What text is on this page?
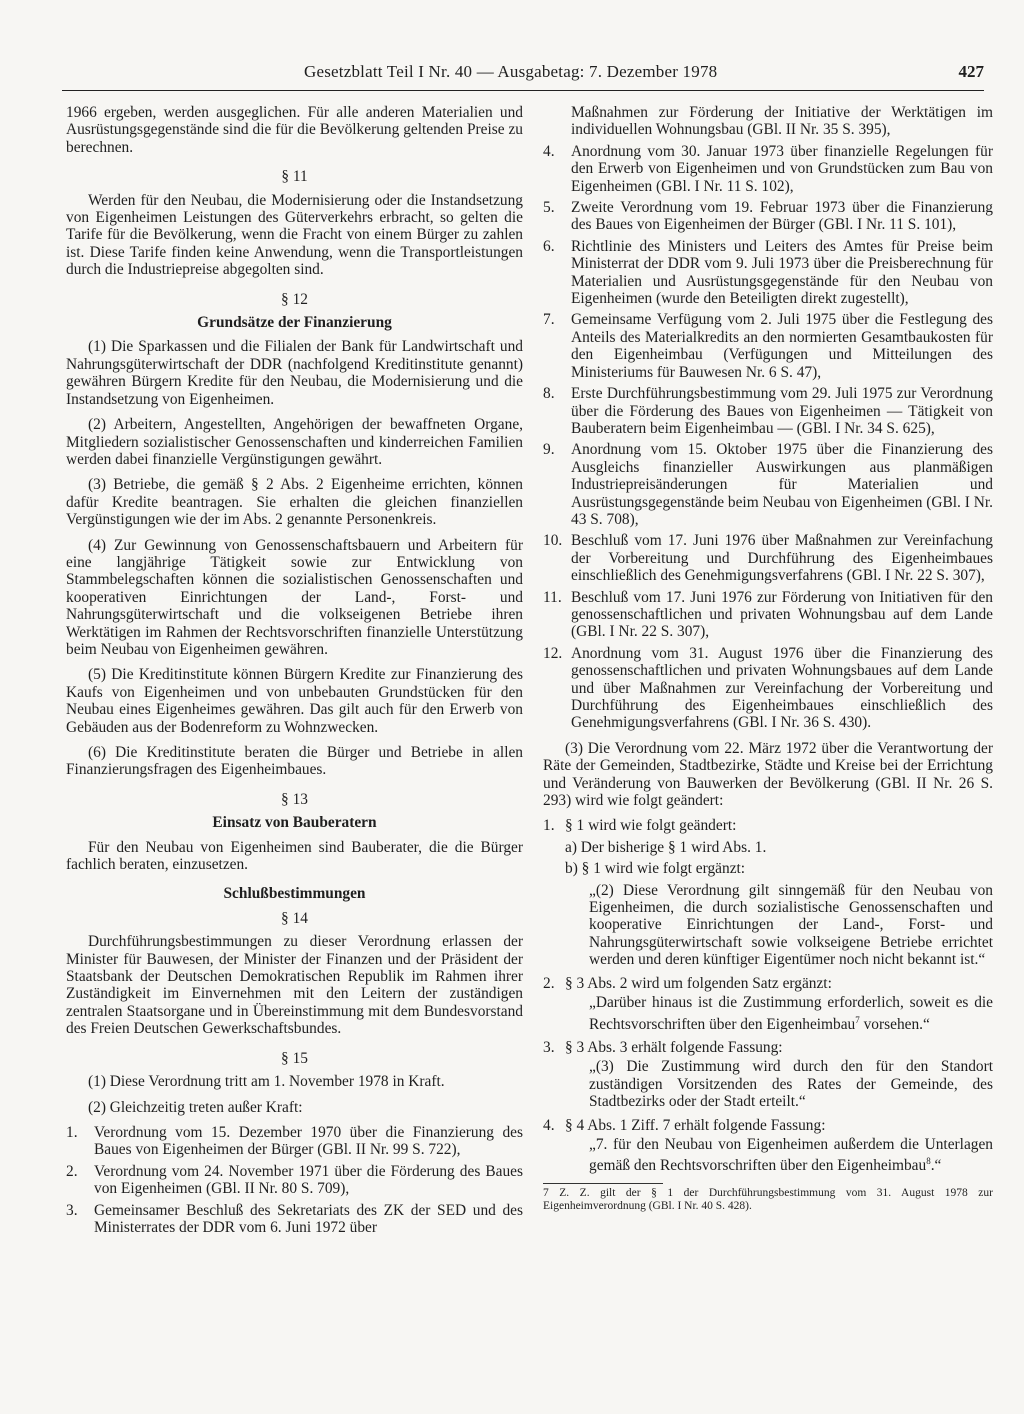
Gesetzblatt Teil I Nr. 40 — Ausgabetag: 7. Dezember 1978	427

1966 ergeben, werden ausgeglichen. Für alle anderen Materialien und Ausrüstungsgegenstände sind die für die Bevölkerung geltenden Preise zu berechnen.

§ 11

Werden für den Neubau, die Modernisierung oder die Instandsetzung von Eigenheimen Leistungen des Güterverkehrs erbracht, so gelten die Tarife für die Bevölkerung, wenn die Fracht von einem Bürger zu zahlen ist. Diese Tarife finden keine Anwendung, wenn die Transportleistungen durch die Industriepreise abgegolten sind.

§ 12
Grundsätze der Finanzierung

(1) Die Sparkassen und die Filialen der Bank für Landwirtschaft und Nahrungsgüterwirtschaft der DDR (nachfolgend Kreditinstitute genannt) gewähren Bürgern Kredite für den Neubau, die Modernisierung und die Instandsetzung von Eigenheimen.

(2) Arbeitern, Angestellten, Angehörigen der bewaffneten Organe, Mitgliedern sozialistischer Genossenschaften und kinderreichen Familien werden dabei finanzielle Vergünstigungen gewährt.

(3) Betriebe, die gemäß § 2 Abs. 2 Eigenheime errichten, können dafür Kredite beantragen. Sie erhalten die gleichen finanziellen Vergünstigungen wie der im Abs. 2 genannte Personenkreis.

(4) Zur Gewinnung von Genossenschaftsbauern und Arbeitern für eine langjährige Tätigkeit sowie zur Entwicklung von Stammbelegschaften können die sozialistischen Genossenschaften und kooperativen Einrichtungen der Land-, Forst- und Nahrungsgüterwirtschaft und die volkseigenen Betriebe ihren Werktätigen im Rahmen der Rechtsvorschriften finanzielle Unterstützung beim Neubau von Eigenheimen gewähren.

(5) Die Kreditinstitute können Bürgern Kredite zur Finanzierung des Kaufs von Eigenheimen und von unbebauten Grundstücken für den Neubau eines Eigenheimes gewähren. Das gilt auch für den Erwerb von Gebäuden aus der Bodenreform zu Wohnzwecken.

(6) Die Kreditinstitute beraten die Bürger und Betriebe in allen Finanzierungsfragen des Eigenheimbaues.

§ 13
Einsatz von Bauberatern

Für den Neubau von Eigenheimen sind Bauberater, die die Bürger fachlich beraten, einzusetzen.

Schlußbestimmungen
§ 14

Durchführungsbestimmungen zu dieser Verordnung erlassen der Minister für Bauwesen, der Minister der Finanzen und der Präsident der Staatsbank der Deutschen Demokratischen Republik im Rahmen ihrer Zuständigkeit im Einvernehmen mit den Leitern der zuständigen zentralen Staatsorgane und in Übereinstimmung mit dem Bundesvorstand des Freien Deutschen Gewerkschaftsbundes.

§ 15

(1) Diese Verordnung tritt am 1. November 1978 in Kraft.

(2) Gleichzeitig treten außer Kraft:

1. Verordnung vom 15. Dezember 1970 über die Finanzierung des Baues von Eigenheimen der Bürger (GBl. II Nr. 99 S. 722),
2. Verordnung vom 24. November 1971 über die Förderung des Baues von Eigenheimen (GBl. II Nr. 80 S. 709),
3. Gemeinsamer Beschluß des Sekretariats des ZK der SED und des Ministerrates der DDR vom 6. Juni 1972 über
Maßnahmen zur Förderung der Initiative der Werktätigen im individuellen Wohnungsbau (GBl. II Nr. 35 S. 395),
4. Anordnung vom 30. Januar 1973 über finanzielle Regelungen für den Erwerb von Eigenheimen und von Grundstücken zum Bau von Eigenheimen (GBl. I Nr. 11 S. 102),
5. Zweite Verordnung vom 19. Februar 1973 über die Finanzierung des Baues von Eigenheimen der Bürger (GBl. I Nr. 11 S. 101),
6. Richtlinie des Ministers und Leiters des Amtes für Preise beim Ministerrat der DDR vom 9. Juli 1973 über die Preisberechnung für Materialien und Ausrüstungsgegenstände für den Neubau von Eigenheimen (wurde den Beteiligten direkt zugestellt),
7. Gemeinsame Verfügung vom 2. Juli 1975 über die Festlegung des Anteils des Materialkredits an den normierten Gesamtbaukosten für den Eigenheimbau (Verfügungen und Mitteilungen des Ministeriums für Bauwesen Nr. 6 S. 47),
8. Erste Durchführungsbestimmung vom 29. Juli 1975 zur Verordnung über die Förderung des Baues von Eigenheimen — Tätigkeit von Bauberatern beim Eigenheimbau — (GBl. I Nr. 34 S. 625),
9. Anordnung vom 15. Oktober 1975 über die Finanzierung des Ausgleichs finanzieller Auswirkungen aus planmäßigen Industriepreisänderungen für Materialien und Ausrüstungsgegenstände beim Neubau von Eigenheimen (GBl. I Nr. 43 S. 708),
10. Beschluß vom 17. Juni 1976 über Maßnahmen zur Vereinfachung der Vorbereitung und Durchführung des Eigenheimbaues einschließlich des Genehmigungsverfahrens (GBl. I Nr. 22 S. 307),
11. Beschluß vom 17. Juni 1976 zur Förderung von Initiativen für den genossenschaftlichen und privaten Wohnungsbau auf dem Lande (GBl. I Nr. 22 S. 307),
12. Anordnung vom 31. August 1976 über die Finanzierung des genossenschaftlichen und privaten Wohnungsbaues auf dem Lande und über Maßnahmen zur Vereinfachung der Vorbereitung und Durchführung des Eigenheimbaues einschließlich des Genehmigungsverfahrens (GBl. I Nr. 36 S. 430).

(3) Die Verordnung vom 22. März 1972 über die Verantwortung der Räte der Gemeinden, Stadtbezirke, Städte und Kreise bei der Errichtung und Veränderung von Bauwerken der Bevölkerung (GBl. II Nr. 26 S. 293) wird wie folgt geändert:

1. § 1 wird wie folgt geändert:
a) Der bisherige § 1 wird Abs. 1.
b) § 1 wird wie folgt ergänzt:
„(2) Diese Verordnung gilt sinngemäß für den Neubau von Eigenheimen, die durch sozialistische Genossenschaften und kooperative Einrichtungen der Land-, Forst- und Nahrungsgüterwirtschaft sowie volkseigene Betriebe errichtet werden und deren künftiger Eigentümer noch nicht bekannt ist.“
2. § 3 Abs. 2 wird um folgenden Satz ergänzt:
„Darüber hinaus ist die Zustimmung erforderlich, soweit es die Rechtsvorschriften über den Eigenheimbau$^7$ vorsehen.“
3. § 3 Abs. 3 erhält folgende Fassung:
„(3) Die Zustimmung wird durch den für den Standort zuständigen Vorsitzenden des Rates der Gemeinde, des Stadtbezirks oder der Stadt erteilt.“
4. § 4 Abs. 1 Ziff. 7 erhält folgende Fassung:
„7. für den Neubau von Eigenheimen außerdem die Unterlagen gemäß den Rechtsvorschriften über den Eigenheimbau$^8$.“
7 Z. Z. gilt der § 1 der Durchführungsbestimmung vom 31. August 1978 zur Eigenheimverordnung (GBl. I Nr. 40 S. 428).
